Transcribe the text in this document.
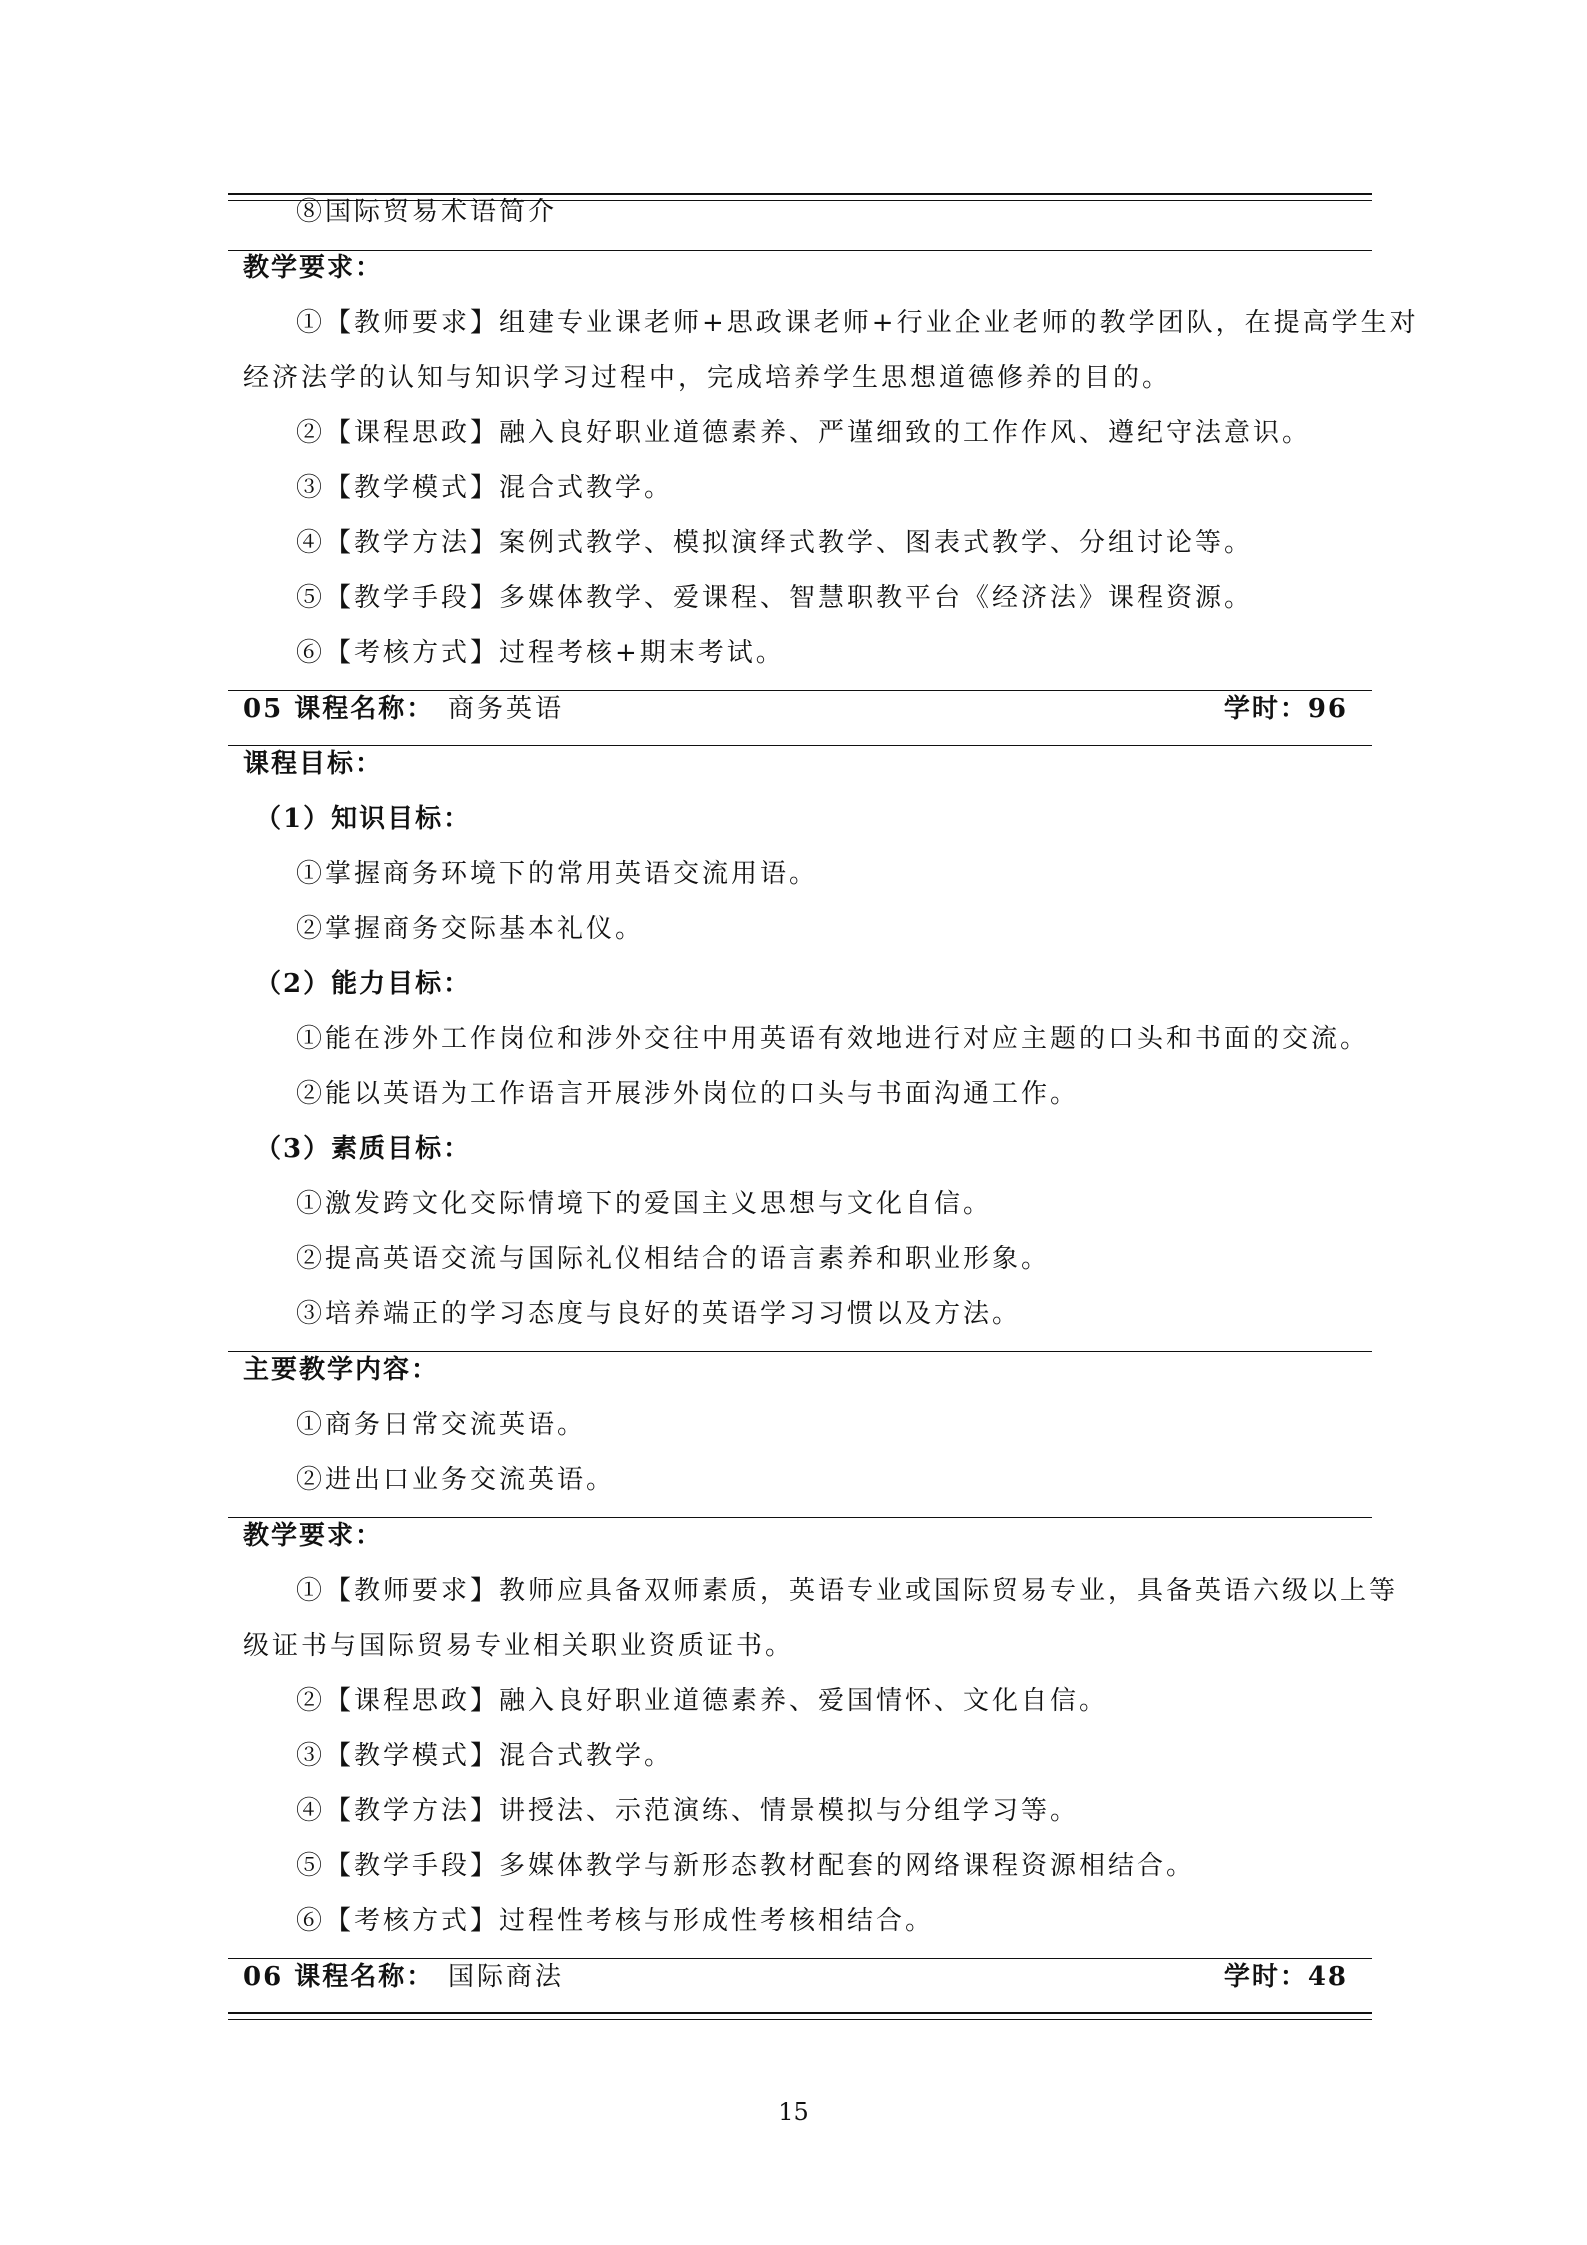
⑧国际贸易术语简介
教学要求：
①【教师要求】组建专业课老师+思政课老师+行业企业老师的教学团队，在提高学生对
经济法学的认知与知识学习过程中，完成培养学生思想道德修养的目的。
②【课程思政】融入良好职业道德素养、严谨细致的工作作风、遵纪守法意识。
③【教学模式】混合式教学。
④【教学方法】案例式教学、模拟演绎式教学、图表式教学、分组讨论等。
⑤【教学手段】多媒体教学、爱课程、智慧职教平台《经济法》课程资源。
⑥【考核方式】过程考核+期末考试。
05 课程名称： 商务英语	学时：96
课程目标：
（1）知识目标：
①掌握商务环境下的常用英语交流用语。
②掌握商务交际基本礼仪。
（2）能力目标：
①能在涉外工作岗位和涉外交往中用英语有效地进行对应主题的口头和书面的交流。
②能以英语为工作语言开展涉外岗位的口头与书面沟通工作。
（3）素质目标：
①激发跨文化交际情境下的爱国主义思想与文化自信。
②提高英语交流与国际礼仪相结合的语言素养和职业形象。
③培养端正的学习态度与良好的英语学习习惯以及方法。
主要教学内容：
①商务日常交流英语。
②进出口业务交流英语。
教学要求：
①【教师要求】教师应具备双师素质，英语专业或国际贸易专业，具备英语六级以上等
级证书与国际贸易专业相关职业资质证书。
②【课程思政】融入良好职业道德素养、爱国情怀、文化自信。
③【教学模式】混合式教学。
④【教学方法】讲授法、示范演练、情景模拟与分组学习等。
⑤【教学手段】多媒体教学与新形态教材配套的网络课程资源相结合。
⑥【考核方式】过程性考核与形成性考核相结合。
06 课程名称： 国际商法	学时：48
15
